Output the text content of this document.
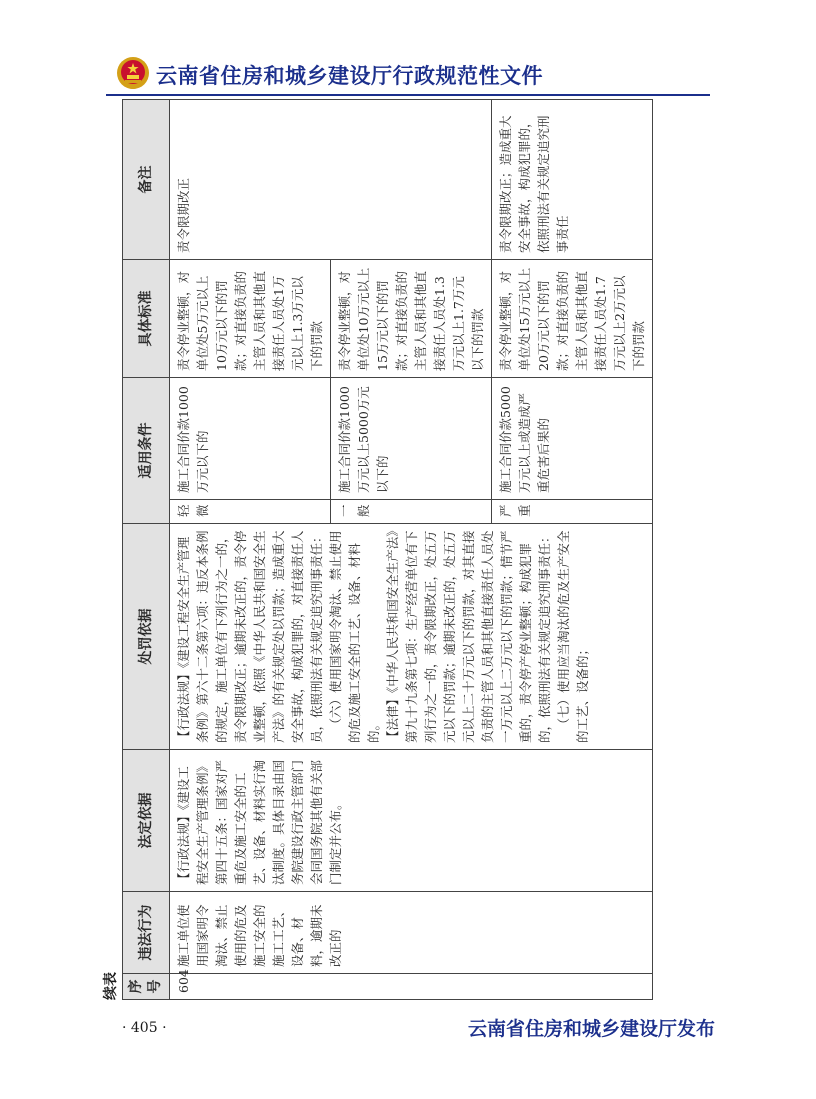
云南省住房和城乡建设厅行政规范性文件
续表 序号	违法行为	法定依据	处罚依据	适用条件		具体标准	备注
604	施工单位使用国家明令淘汰、禁止使用的危及施工安全的施工工艺、设备、材料，逾期未改正的	【行政法规】《建设工程安全生产管理条例》第四十五条：国家对严重危及施工安全的工艺、设备、材料实行淘汰制度。具体目录由国务院建设行政主管部门会同国务院其他有关部门制定并公布。	【行政法规】《建设工程安全生产管理条例》第六十二条第六项：违反本条例的规定，施工单位有下列行为之一的，责令限期改正；逾期未改正的，责令停业整顿，依照《中华人民共和国安全生产法》的有关规定处以罚款；造成重大安全事故，构成犯罪的，对直接责任人员，依照刑法有关规定追究刑事责任： （六）使用国家明令淘汰、禁止使用的危及施工安全的工艺、设备、材料的。 【法律】《中华人民共和国安全生产法》第九十九条第七项：生产经营单位有下列行为之一的，责令限期改正，处五万元以下的罚款；逾期未改正的，处五万元以上二十万元以下的罚款，对其直接负责的主管人员和其他直接责任人员处一万元以上二万元以下的罚款；情节严重的，责令停产停业整顿；构成犯罪的，依照刑法有关规定追究刑事责任： （七）使用应当淘汰的危及生产安全的工艺、设备的；	轻微	施工合同价款1000万元以下的	责令停业整顿，对单位处5万元以上10万元以下的罚款；对直接负责的主管人员和其他直接责任人员处1万元以上1.3万元以下的罚款	责令限期改正
				一般	施工合同价款1000万元以上5000万元以下的	责令停业整顿，对单位处10万元以上15万元以下的罚款；对直接负责的主管人员和其他直接责任人员处1.3万元以上1.7万元以下的罚款	
				严重	施工合同价款5000万元以上或造成严重危害后果的	责令停业整顿，对单位处15万元以上20万元以下的罚款；对直接负责的主管人员和其他直接责任人员处1.7万元以上2万元以下的罚款	责令限期改正；造成重大安全事故，构成犯罪的，依照刑法有关规定追究刑事责任
· 405 ·	云南省住房和城乡建设厅发布
